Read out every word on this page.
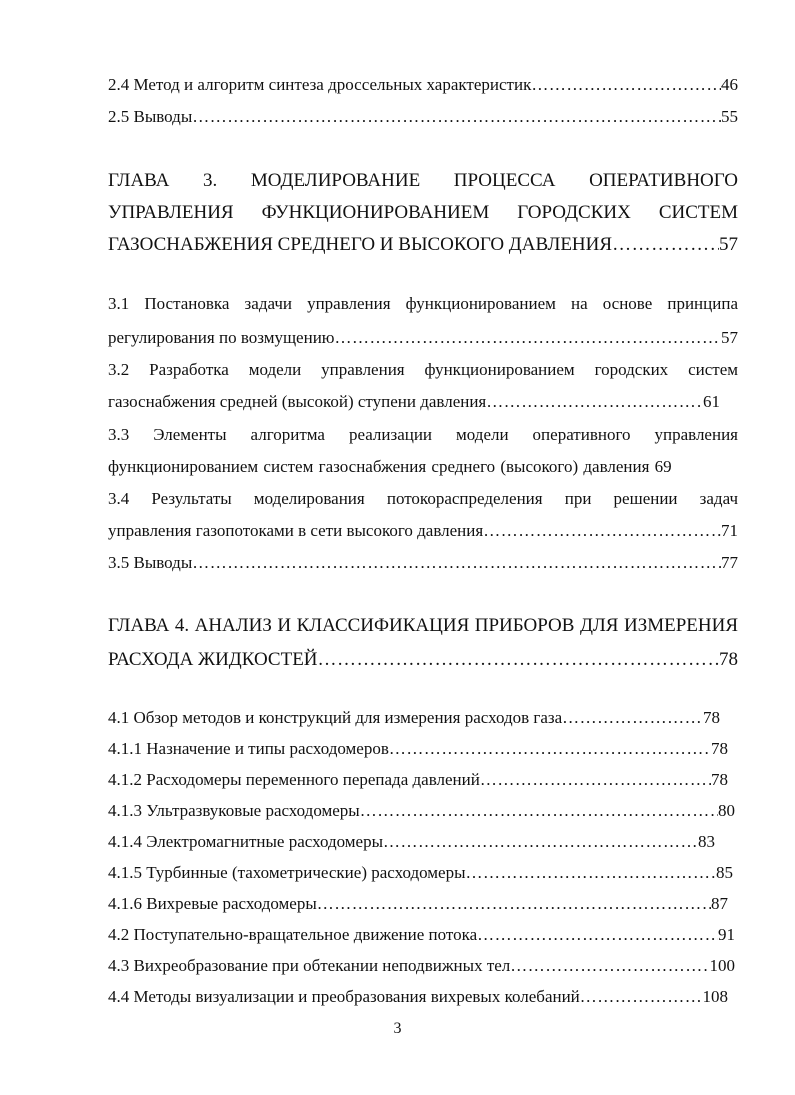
2.4 Метод и алгоритм синтеза дроссельных характеристик …………………………………………………………………………………………………………………………………………………………………………………	46
2.5 Выводы …………………………………………………………………………………………………………………………………………………………………………………	55
ГЛАВА 3. МОДЕЛИРОВАНИЕ ПРОЦЕССА ОПЕРАТИВНОГО
УПРАВЛЕНИЯ ФУНКЦИОНИРОВАНИЕМ ГОРОДСКИХ СИСТЕМ
ГАЗОСНАБЖЕНИЯ СРЕДНЕГО И ВЫСОКОГО ДАВЛЕНИЯ …………………………………………………………………………………………………………………………………………………………………………………	57
3.1 Постановка задачи управления функционированием на основе принципа
регулирования по возмущению …………………………………………………………………………………………………………………………………………………………………………………	57
3.2 Разработка модели управления функционированием городских систем
газоснабжения средней (высокой) ступени давления …………………………………………………………………………………………………………………………………………………………………………………	61
3.3 Элементы алгоритма реализации модели оперативного управления
функционированием систем газоснабжения среднего (высокого) давления 69
3.4 Результаты моделирования потокораспределения при решении задач
управления газопотоками в сети высокого давления …………………………………………………………………………………………………………………………………………………………………………………	71
3.5 Выводы …………………………………………………………………………………………………………………………………………………………………………………	77
ГЛАВА 4. АНАЛИЗ И КЛАССИФИКАЦИЯ ПРИБОРОВ ДЛЯ ИЗМЕРЕНИЯ
РАСХОДА ЖИДКОСТЕЙ …………………………………………………………………………………………………………………………………………………………………………………	78
4.1 Обзор методов и конструкций для измерения расходов газа …………………………………………………………………………………………………………………………………………………………………………………	78
4.1.1 Назначение и типы расходомеров …………………………………………………………………………………………………………………………………………………………………………………	78
4.1.2 Расходомеры переменного перепада давлений …………………………………………………………………………………………………………………………………………………………………………………	78
4.1.3 Ультразвуковые расходомеры …………………………………………………………………………………………………………………………………………………………………………………	80
4.1.4 Электромагнитные расходомеры …………………………………………………………………………………………………………………………………………………………………………………	83
4.1.5 Турбинные (тахометрические) расходомеры …………………………………………………………………………………………………………………………………………………………………………………	85
4.1.6 Вихревые расходомеры …………………………………………………………………………………………………………………………………………………………………………………	87
4.2 Поступательно-вращательное движение потока …………………………………………………………………………………………………………………………………………………………………………………	91
4.3 Вихреобразование при обтекании неподвижных тел …………………………………………………………………………………………………………………………………………………………………………………	100
4.4 Методы визуализации и преобразования вихревых колебаний …………………………………………………………………………………………………………………………………………………………………………………	108
3
